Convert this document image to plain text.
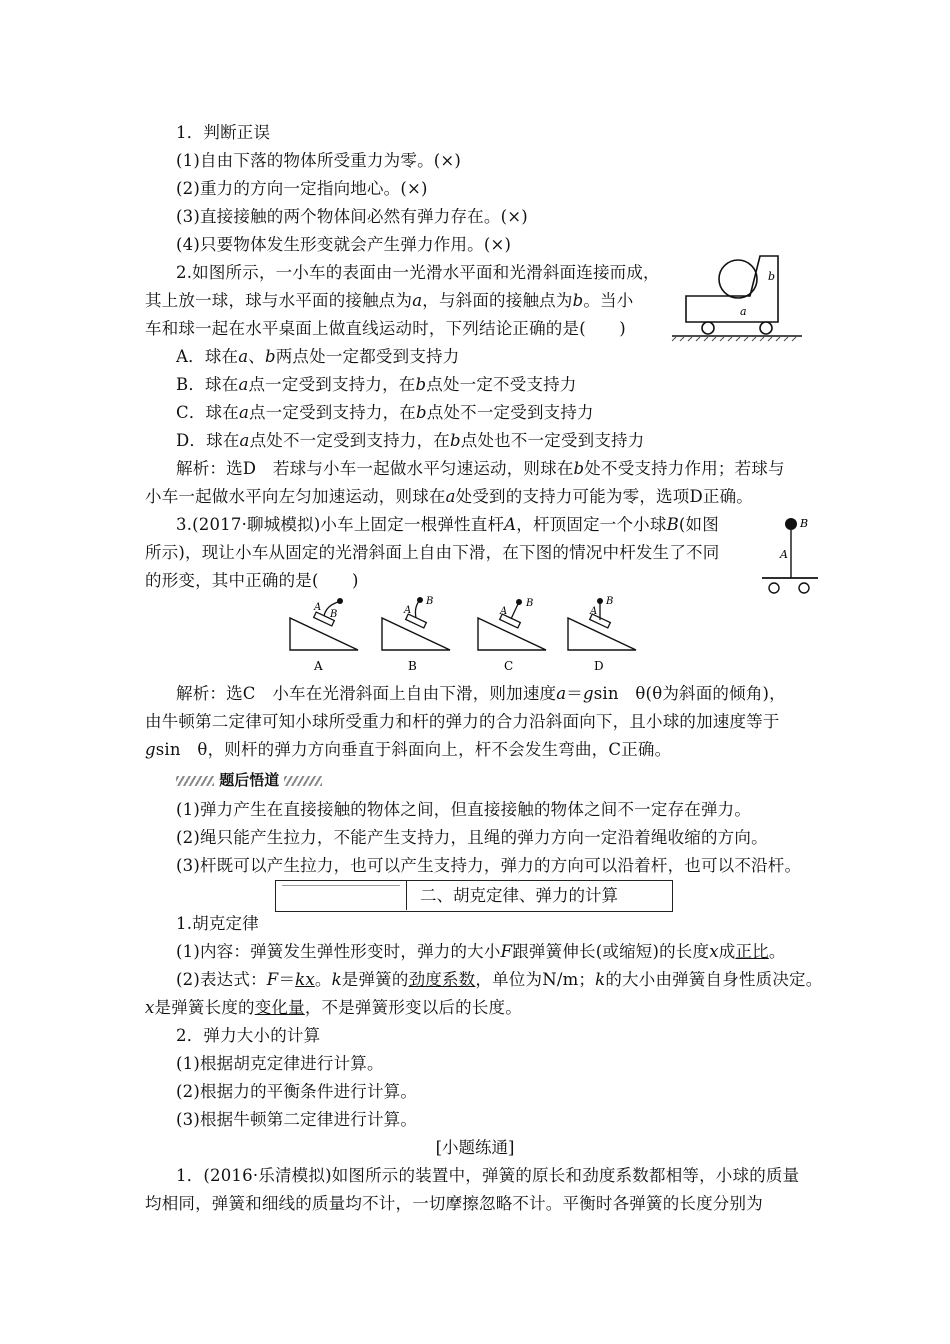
1．判断正误
(1)自由下落的物体所受重力为零。(×)
(2)重力的方向一定指向地心。(×)
(3)直接接触的两个物体间必然有弹力存在。(×)
(4)只要物体发生形变就会产生弹力作用。(×)
2.如图所示，一小车的表面由一光滑水平面和光滑斜面连接而成，
其上放一球，球与水平面的接触点为a，与斜面的接触点为b。当小
车和球一起在水平桌面上做直线运动时，下列结论正确的是(　　)
A．球在a、b两点处一定都受到支持力
B．球在a点一定受到支持力，在b点处一定不受支持力
C．球在a点一定受到支持力，在b点处不一定受到支持力
D．球在a点处不一定受到支持力，在b点处也不一定受到支持力
解析：选D　若球与小车一起做水平匀速运动，则球在b处不受支持力作用；若球与
小车一起做水平向左匀加速运动，则球在a处受到的支持力可能为零，选项D正确。
a
b
3.(2017·聊城模拟)小车上固定一根弹性直杆A，杆顶固定一个小球B(如图
所示)，现让小车从固定的光滑斜面上自由下滑，在下图的情况中杆发生了不同
的形变，其中正确的是(　　)
B
A
A
B	A
B
A
B
A
B
A	B	C	D
解析：选C　小车在光滑斜面上自由下滑，则加速度a＝gsin　θ(θ为斜面的倾角)，
由牛顿第二定律可知小球所受重力和杆的弹力的合力沿斜面向下，且小球的加速度等于
gsin　θ，则杆的弹力方向垂直于斜面向上，杆不会发生弯曲，C正确。
题后悟道
(1)弹力产生在直接接触的物体之间，但直接接触的物体之间不一定存在弹力。
(2)绳只能产生拉力，不能产生支持力，且绳的弹力方向一定沿着绳收缩的方向。
(3)杆既可以产生拉力，也可以产生支持力，弹力的方向可以沿着杆，也可以不沿杆。
二、胡克定律、弹力的计算
1.胡克定律
(1)内容：弹簧发生弹性形变时，弹力的大小F跟弹簧伸长(或缩短)的长度x成正比。
(2)表达式：F＝kx。k是弹簧的劲度系数，单位为N/m；k的大小由弹簧自身性质决定。
x是弹簧长度的变化量，不是弹簧形变以后的长度。
2．弹力大小的计算
(1)根据胡克定律进行计算。
(2)根据力的平衡条件进行计算。
(3)根据牛顿第二定律进行计算。
[小题练通]
1．(2016·乐清模拟)如图所示的装置中，弹簧的原长和劲度系数都相等，小球的质量
均相同，弹簧和细线的质量均不计，一切摩擦忽略不计。平衡时各弹簧的长度分别为
